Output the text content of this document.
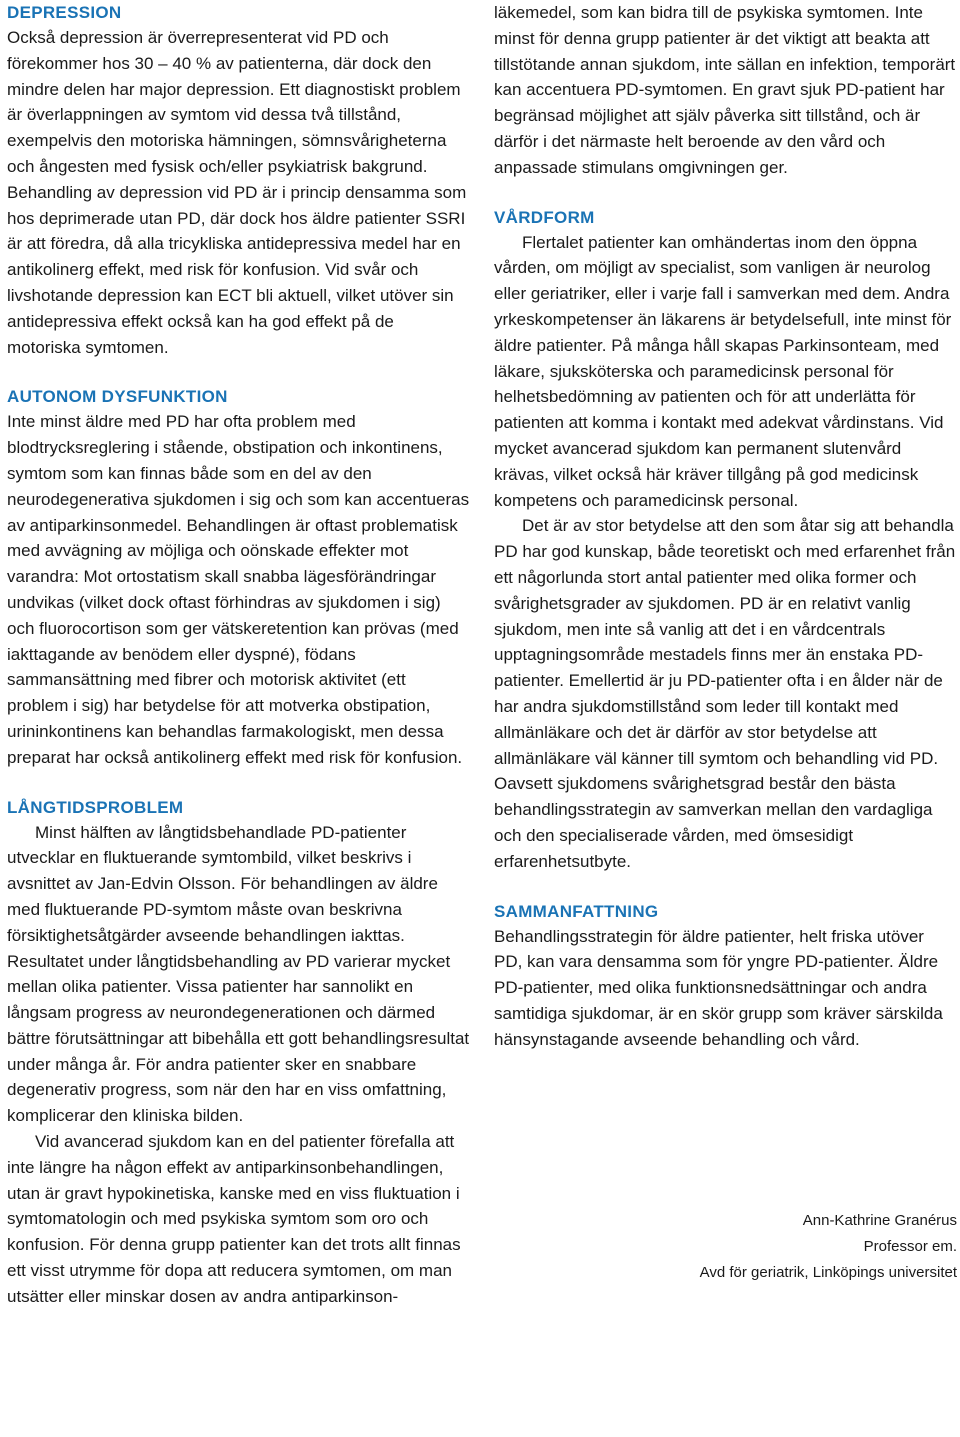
DEPRESSION

Också depression är överrepresenterat vid PD och förekommer hos 30 – 40 % av patienterna, där dock den mindre delen har major depression. Ett diagnostiskt problem är överlappningen av symtom vid dessa två tillstånd, exempelvis den motoriska hämningen, sömnsvårigheterna och ångesten med fysisk och/eller psykiatrisk bakgrund. Behandling av depression vid PD är i princip densamma som hos deprimerade utan PD, där dock hos äldre patienter SSRI är att föredra, då alla tricykliska antidepressiva medel har en antikolinerg effekt, med risk för konfusion. Vid svår och livshotande depression kan ECT bli aktuell, vilket utöver sin antidepressiva effekt också kan ha god effekt på de motoriska symtomen.

AUTONOM DYSFUNKTION

Inte minst äldre med PD har ofta problem med blodtrycksreglering i stående, obstipation och inkontinens, symtom som kan finnas både som en del av den neurodegenerativa sjukdomen i sig och som kan accentueras av antiparkinsonmedel. Behandlingen är oftast problematisk med avvägning av möjliga och oönskade effekter mot varandra: Mot ortostatism skall snabba lägesförändringar undvikas (vilket dock oftast förhindras av sjukdomen i sig) och fluorocortison som ger vätskeretention kan prövas (med iakttagande av benödem eller dyspné), födans sammansättning med fibrer och motorisk aktivitet (ett problem i sig) har betydelse för att motverka obstipation, urininkontinens kan behandlas farmakologiskt, men dessa preparat har också antikolinerg effekt med risk för konfusion.

LÅNGTIDSPROBLEM

Minst hälften av långtidsbehandlade PD-patienter utvecklar en fluktuerande symtombild, vilket beskrivs i avsnittet av Jan-Edvin Olsson. För behandlingen av äldre med fluktuerande PD-symtom måste ovan beskrivna försiktighetsåtgärder avseende behandlingen iakttas. Resultatet under långtidsbehandling av PD varierar mycket mellan olika patienter. Vissa patienter har sannolikt en långsam progress av neurondegenerationen och därmed bättre förutsättningar att bibehålla ett gott behandlingsresultat under många år. För andra patienter sker en snabbare degenerativ progress, som när den har en viss omfattning, komplicerar den kliniska bilden.

Vid avancerad sjukdom kan en del patienter förefalla att inte längre ha någon effekt av antiparkinsonbehandlingen, utan är gravt hypokinetiska, kanske med en viss fluktuation i symtomatologin och med psykiska symtom som oro och konfusion. För denna grupp patienter kan det trots allt finnas ett visst utrymme för dopa att reducera symtomen, om man utsätter eller minskar dosen av andra antiparkinson-

läkemedel, som kan bidra till de psykiska symtomen. Inte minst för denna grupp patienter är det viktigt att beakta att tillstötande annan sjukdom, inte sällan en infektion, temporärt kan accentuera PD-symtomen. En gravt sjuk PD-patient har begränsad möjlighet att själv påverka sitt tillstånd, och är därför i det närmaste helt beroende av den vård och anpassade stimulans omgivningen ger.

VÅRDFORM

Flertalet patienter kan omhändertas inom den öppna vården, om möjligt av specialist, som vanligen är neurolog eller geriatriker, eller i varje fall i samverkan med dem. Andra yrkeskompetenser än läkarens är betydelsefull, inte minst för äldre patienter. På många håll skapas Parkinsonteam, med läkare, sjuksköterska och paramedicinsk personal för helhetsbedömning av patienten och för att underlätta för patienten att komma i kontakt med adekvat vårdinstans. Vid mycket avancerad sjukdom kan permanent slutenvård krävas, vilket också här kräver tillgång på god medicinsk kompetens och paramedicinsk personal.

Det är av stor betydelse att den som åtar sig att behandla PD har god kunskap, både teoretiskt och med erfarenhet från ett någorlunda stort antal patienter med olika former och svårighetsgrader av sjukdomen. PD är en relativt vanlig sjukdom, men inte så vanlig att det i en vårdcentrals upptagningsområde mestadels finns mer än enstaka PD-patienter. Emellertid är ju PD-patienter ofta i en ålder när de har andra sjukdomstillstånd som leder till kontakt med allmänläkare och det är därför av stor betydelse att allmänläkare väl känner till symtom och behandling vid PD. Oavsett sjukdomens svårighetsgrad består den bästa behandlingsstrategin av samverkan mellan den vardagliga och den specialiserade vården, med ömsesidigt erfarenhetsutbyte.

SAMMANFATTNING

Behandlingsstrategin för äldre patienter, helt friska utöver PD, kan vara densamma som för yngre PD-patienter. Äldre PD-patienter, med olika funktionsnedsättningar och andra samtidiga sjukdomar, är en skör grupp som kräver särskilda hänsynstagande avseende behandling och vård.

Ann-Kathrine Granérus
Professor em.
Avd för geriatrik, Linköpings universitet
